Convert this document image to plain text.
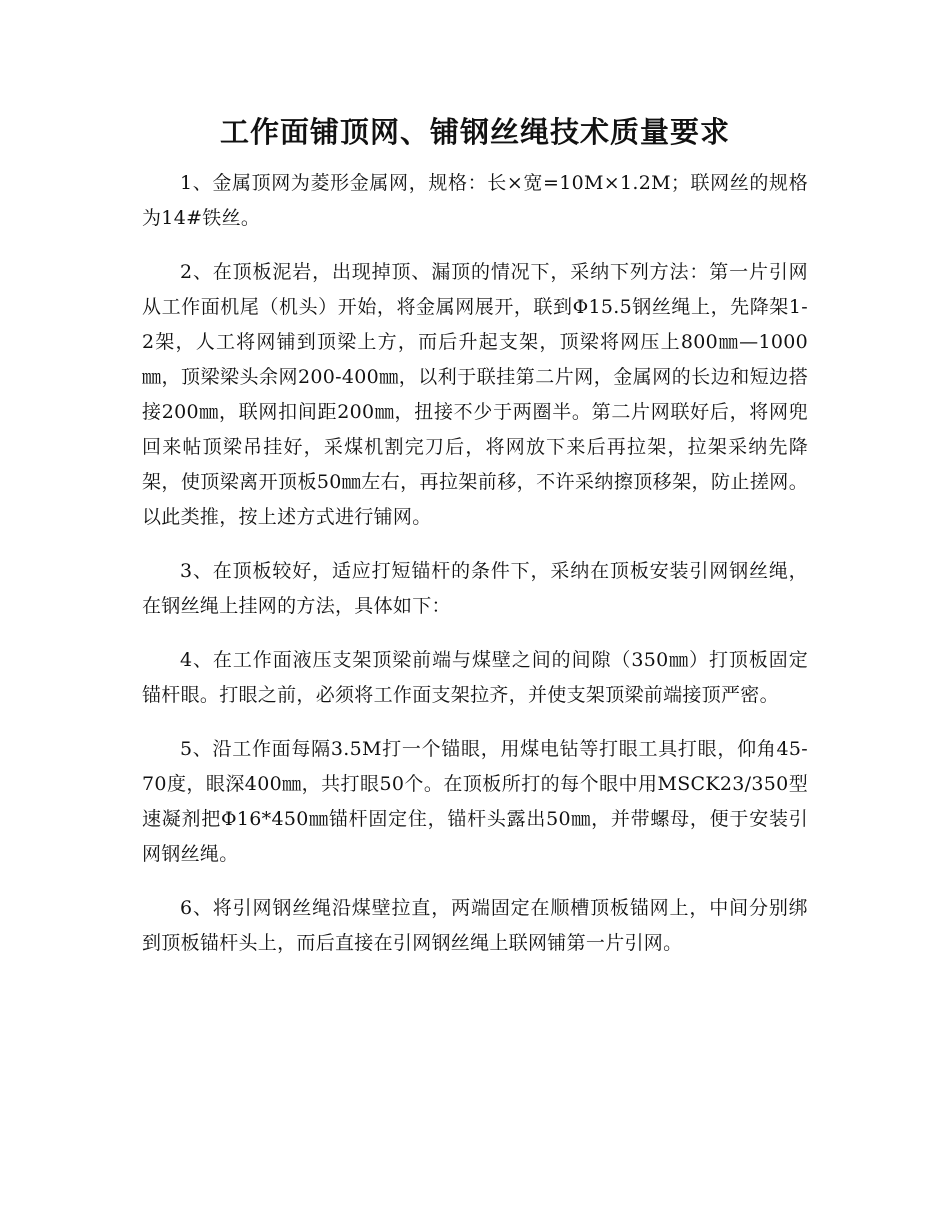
工作面铺顶网、铺钢丝绳技术质量要求

1、金属顶网为菱形金属网，规格：长×宽=10M×1.2M；联网丝的规格为14#铁丝。

2、在顶板泥岩，出现掉顶、漏顶的情况下，采纳下列方法：第一片引网从工作面机尾（机头）开始，将金属网展开，联到Φ15.5钢丝绳上，先降架1-2架，人工将网铺到顶梁上方，而后升起支架，顶梁将网压上800㎜—1000㎜，顶梁梁头余网200-400㎜，以利于联挂第二片网，金属网的长边和短边搭接200㎜，联网扣间距200㎜，扭接不少于两圈半。第二片网联好后，将网兜回来帖顶梁吊挂好，采煤机割完刀后，将网放下来后再拉架，拉架采纳先降架，使顶梁离开顶板50㎜左右，再拉架前移，不许采纳擦顶移架，防止搓网。以此类推，按上述方式进行铺网。

3、在顶板较好，适应打短锚杆的条件下，采纳在顶板安装引网钢丝绳，在钢丝绳上挂网的方法，具体如下：

4、在工作面液压支架顶梁前端与煤壁之间的间隙（350㎜）打顶板固定锚杆眼。打眼之前，必须将工作面支架拉齐，并使支架顶梁前端接顶严密。

5、沿工作面每隔3.5M打一个锚眼，用煤电钻等打眼工具打眼，仰角45-70度，眼深400㎜，共打眼50个。在顶板所打的每个眼中用MSCK23/350型速凝剂把Φ16*450㎜锚杆固定住，锚杆头露出50㎜，并带螺母，便于安装引网钢丝绳。

6、将引网钢丝绳沿煤壁拉直，两端固定在顺槽顶板锚网上，中间分别绑到顶板锚杆头上，而后直接在引网钢丝绳上联网铺第一片引网。
